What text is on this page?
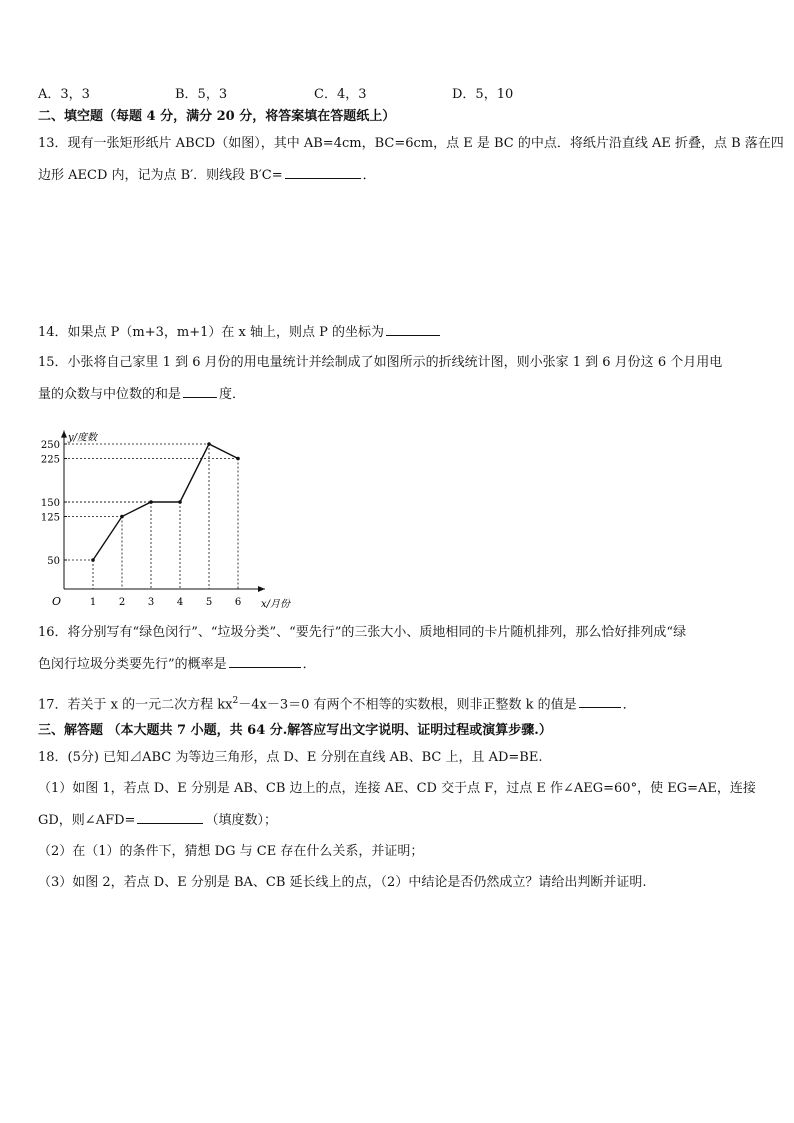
A．3，3	B．5，3	C．4，3	D．5，10
二、填空题（每题 4 分，满分 20 分，将答案填在答题纸上）
13．现有一张矩形纸片 ABCD（如图），其中 AB=4cm，BC=6cm，点 E 是 BC 的中点．将纸片沿直线 AE 折叠，点 B 落在四
边形 AECD 内，记为点 B′．则线段 B′C=	．
14．如果点 P（m+3，m+1）在 x 轴上，则点 P 的坐标为
15．小张将自己家里 1 到 6 月份的用电量统计并绘制成了如图所示的折线统计图，则小张家 1 到 6 月份这 6 个月用电
量的众数与中位数的和是	度．
y/度数
x/月份
O
50
125
150
225
250
1 2 3 4 5 6
16．将分别写有“绿色闵行”、“垃圾分类”、“要先行”的三张大小、质地相同的卡片随机排列，那么恰好排列成“绿
色闵行垃圾分类要先行”的概率是	．
17．若关于 x 的一元二次方程 $kx^2-4x-3=0$ 有两个不相等的实数根，则非正整数 k 的值是	．
三、解答题 （本大题共 7 小题，共 64 分.解答应写出文字说明、证明过程或演算步骤.）
18．(5分) 已知⊿ABC 为等边三角形，点 D、E 分别在直线 AB、BC 上，且 AD=BE.
（1）如图 1，若点 D、E 分别是 AB、CB 边上的点，连接 AE、CD 交于点 F，过点 E 作∠AEG=60°，使 EG=AE，连接
GD，则∠AFD=	（填度数）；
（2）在（1）的条件下，猜想 DG 与 CE 存在什么关系，并证明；
（3）如图 2，若点 D、E 分别是 BA、CB 延长线上的点，（2）中结论是否仍然成立？请给出判断并证明.
